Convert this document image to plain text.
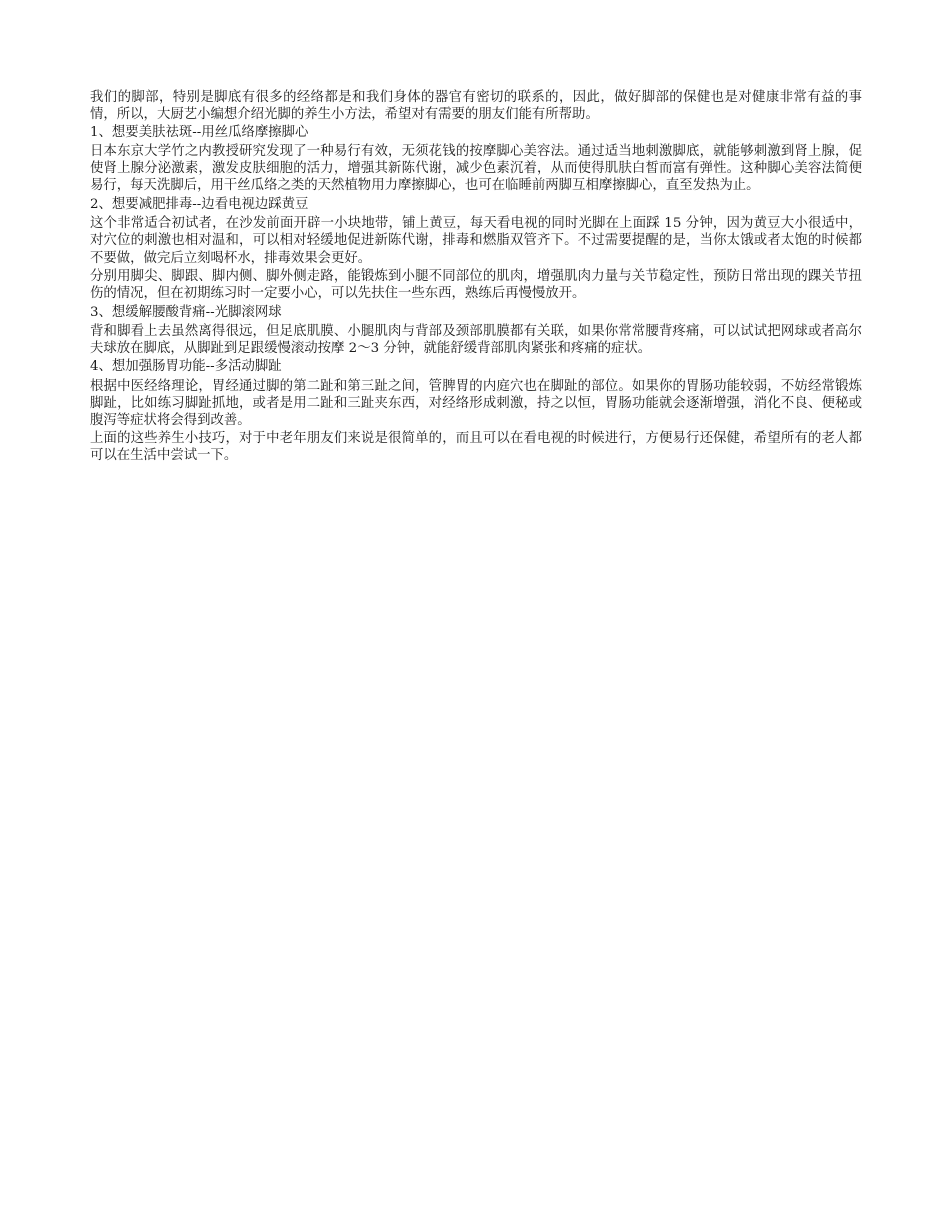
我们的脚部，特别是脚底有很多的经络都是和我们身体的器官有密切的联系的，因此，做好脚部的保健也是对健康非常有益的事情，所以，大厨艺小编想介绍光脚的养生小方法，希望对有需要的朋友们能有所帮助。

1、想要美肤祛斑--用丝瓜络摩擦脚心

日本东京大学竹之内教授研究发现了一种易行有效，无须花钱的按摩脚心美容法。通过适当地刺激脚底，就能够刺激到肾上腺，促使肾上腺分泌激素，激发皮肤细胞的活力，增强其新陈代谢，减少色素沉着，从而使得肌肤白皙而富有弹性。这种脚心美容法简便易行，每天洗脚后，用干丝瓜络之类的天然植物用力摩擦脚心，也可在临睡前两脚互相摩擦脚心，直至发热为止。

2、想要减肥排毒--边看电视边踩黄豆

这个非常适合初试者，在沙发前面开辟一小块地带，铺上黄豆，每天看电视的同时光脚在上面踩 15 分钟，因为黄豆大小很适中，对穴位的刺激也相对温和，可以相对轻缓地促进新陈代谢，排毒和燃脂双管齐下。不过需要提醒的是，当你太饿或者太饱的时候都不要做，做完后立刻喝杯水，排毒效果会更好。

分别用脚尖、脚跟、脚内侧、脚外侧走路，能锻炼到小腿不同部位的肌肉，增强肌肉力量与关节稳定性，预防日常出现的踝关节扭伤的情况，但在初期练习时一定要小心，可以先扶住一些东西，熟练后再慢慢放开。

3、想缓解腰酸背痛--光脚滚网球

背和脚看上去虽然离得很远，但足底肌膜、小腿肌肉与背部及颈部肌膜都有关联，如果你常常腰背疼痛，可以试试把网球或者高尔夫球放在脚底，从脚趾到足跟缓慢滚动按摩 2～3 分钟，就能舒缓背部肌肉紧张和疼痛的症状。

4、想加强肠胃功能--多活动脚趾

根据中医经络理论，胃经通过脚的第二趾和第三趾之间，管脾胃的内庭穴也在脚趾的部位。如果你的胃肠功能较弱，不妨经常锻炼脚趾，比如练习脚趾抓地，或者是用二趾和三趾夹东西，对经络形成刺激，持之以恒，胃肠功能就会逐渐增强，消化不良、便秘或腹泻等症状将会得到改善。

上面的这些养生小技巧，对于中老年朋友们来说是很简单的，而且可以在看电视的时候进行，方便易行还保健，希望所有的老人都可以在生活中尝试一下。
